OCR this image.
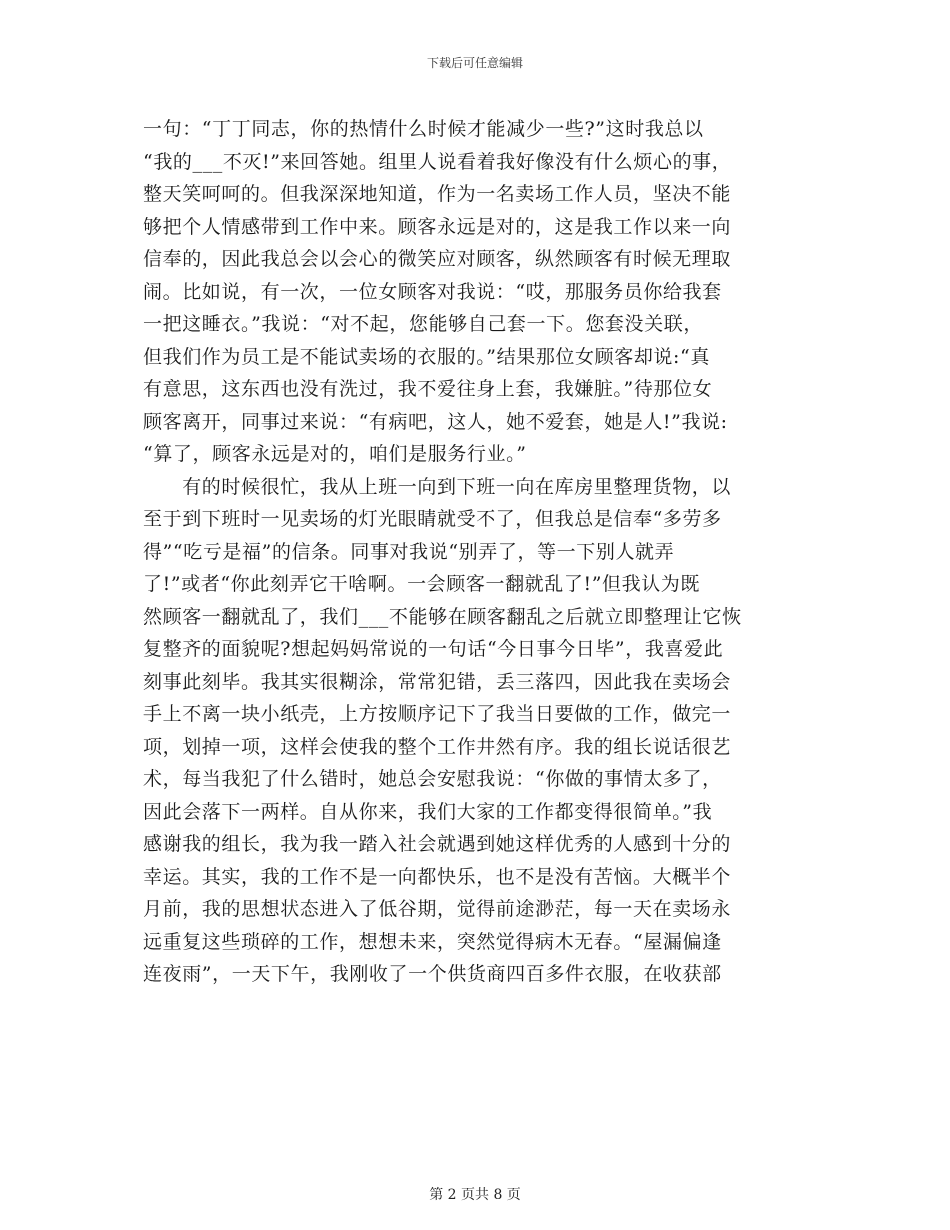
下载后可任意编辑
一句：“丁丁同志，你的热情什么时候才能减少一些?”这时我总以
“我的___不灭!”来回答她。组里人说看着我好像没有什么烦心的事，
整天笑呵呵的。但我深深地知道，作为一名卖场工作人员，坚决不能
够把个人情感带到工作中来。顾客永远是对的，这是我工作以来一向
信奉的，因此我总会以会心的微笑应对顾客，纵然顾客有时候无理取
闹。比如说，有一次，一位女顾客对我说：“哎，那服务员你给我套
一把这睡衣。”我说：“对不起，您能够自己套一下。您套没关联，
但我们作为员工是不能试卖场的衣服的。”结果那位女顾客却说:“真
有意思，这东西也没有洗过，我不爱往身上套，我嫌脏。”待那位女
顾客离开，同事过来说：“有病吧，这人，她不爱套，她是人!”我说:
“算了，顾客永远是对的，咱们是服务行业。”
　　有的时候很忙，我从上班一向到下班一向在库房里整理货物，以
至于到下班时一见卖场的灯光眼睛就受不了，但我总是信奉“多劳多
得”“吃亏是福”的信条。同事对我说“别弄了，等一下别人就弄
了!”或者“你此刻弄它干啥啊。一会顾客一翻就乱了!”但我认为既
然顾客一翻就乱了，我们___不能够在顾客翻乱之后就立即整理让它恢
复整齐的面貌呢?想起妈妈常说的一句话“今日事今日毕”，我喜爱此
刻事此刻毕。我其实很糊涂，常常犯错，丢三落四，因此我在卖场会
手上不离一块小纸壳，上方按顺序记下了我当日要做的工作，做完一
项，划掉一项，这样会使我的整个工作井然有序。我的组长说话很艺
术，每当我犯了什么错时，她总会安慰我说：“你做的事情太多了，
因此会落下一两样。自从你来，我们大家的工作都变得很简单。”我
感谢我的组长，我为我一踏入社会就遇到她这样优秀的人感到十分的
幸运。其实，我的工作不是一向都快乐，也不是没有苦恼。大概半个
月前，我的思想状态进入了低谷期，觉得前途渺茫，每一天在卖场永
远重复这些琐碎的工作，想想未来，突然觉得病木无春。“屋漏偏逢
连夜雨”，一天下午，我刚收了一个供货商四百多件衣服，在收获部
第 2 页共 8 页
